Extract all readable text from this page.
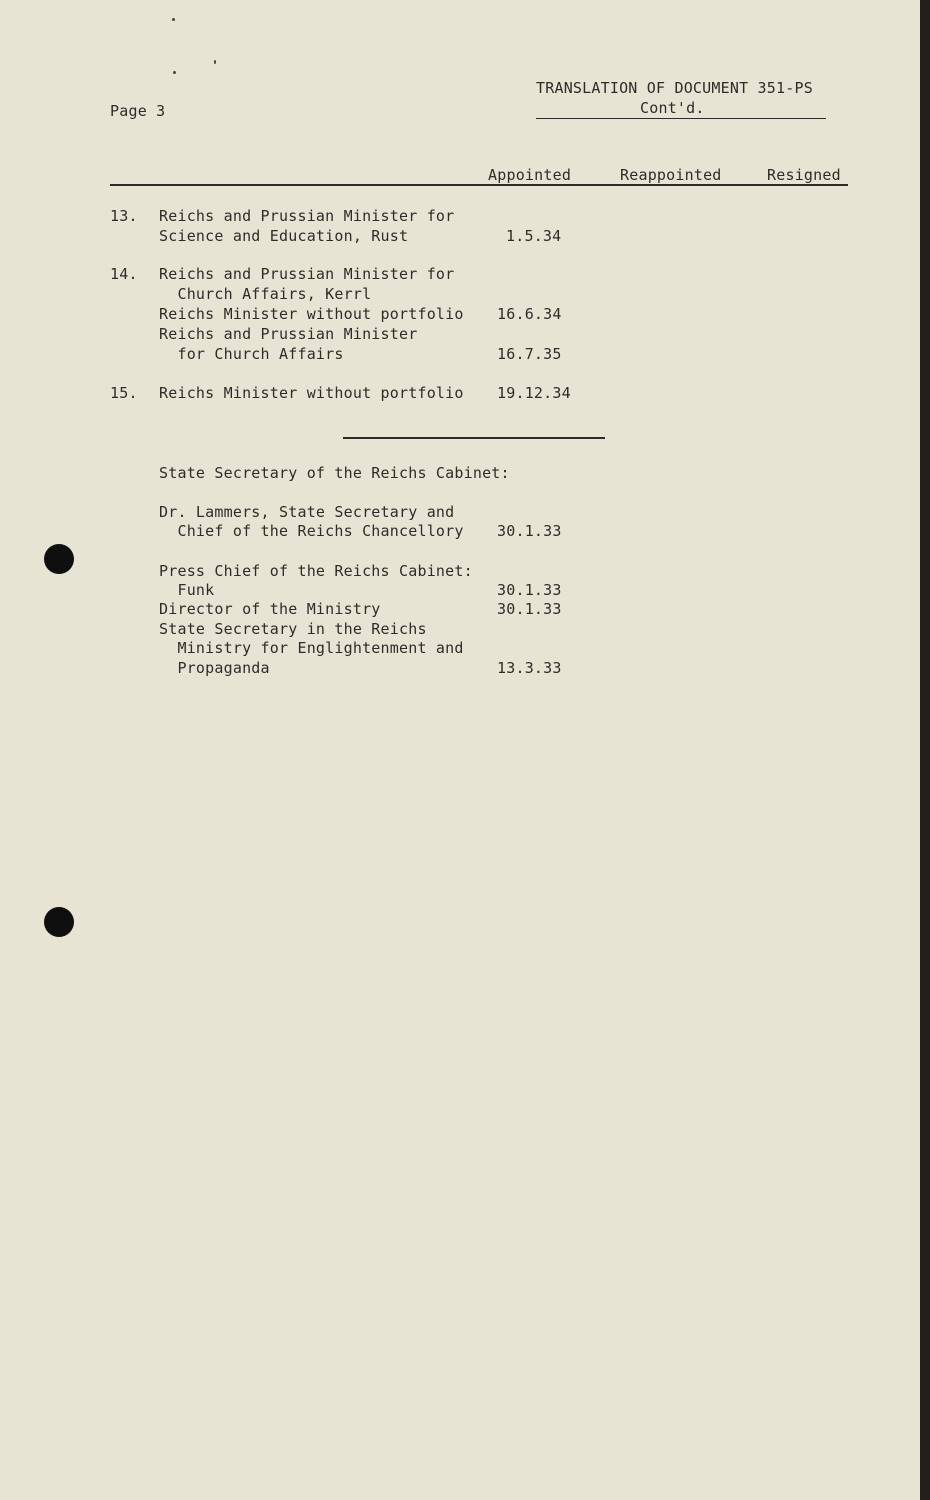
Page 3
TRANSLATION OF DOCUMENT 351-PS
Cont'd.
Appointed	Reappointed	Resigned
13. Reichs and Prussian Minister for
Science and Education, Rust	1.5.34
14. Reichs and Prussian Minister for
Church Affairs, Kerrl
Reichs Minister without portfolio 16.6.34
Reichs and Prussian Minister
for Church Affairs	16.7.35
15. Reichs Minister without portfolio 19.12.34
State Secretary of the Reichs Cabinet:
Dr. Lammers, State Secretary and
Chief of the Reichs Chancellory 30.1.33
Press Chief of the Reichs Cabinet:
Funk	30.1.33
Director of the Ministry	30.1.33
State Secretary in the Reichs
Ministry for Englightenment and
Propaganda	13.3.33
